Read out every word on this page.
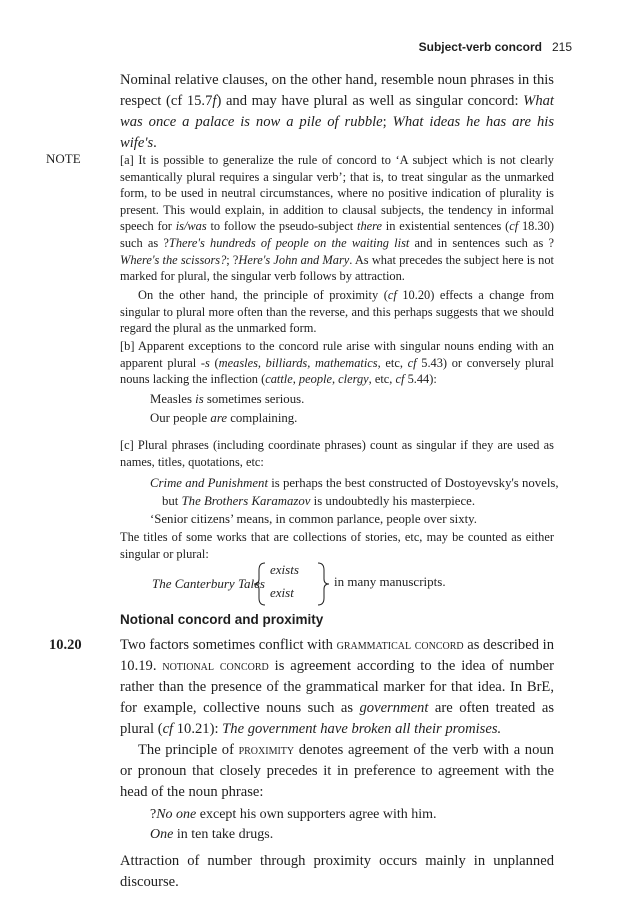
Subject-verb concord 215
Nominal relative clauses, on the other hand, resemble noun phrases in this respect (cf 15.7f) and may have plural as well as singular concord: What was once a palace is now a pile of rubble; What ideas he has are his wife's.
NOTE	[a] It is possible to generalize the rule of concord to ‘A subject which is not clearly semantically plural requires a singular verb’; that is, to treat singular as the unmarked form, to be used in neutral circumstances, where no positive indication of plurality is present. This would explain, in addition to clausal subjects, the tendency in informal speech for is/was to follow the pseudo-subject there in existential sentences (cf 18.30) such as ?There's hundreds of people on the waiting list and in sentences such as ?Where's the scissors?; ?Here's John and Mary. As what precedes the subject here is not marked for plural, the singular verb follows by attraction.
On the other hand, the principle of proximity (cf 10.20) effects a change from singular to plural more often than the reverse, and this perhaps suggests that we should regard the plural as the unmarked form.
[b] Apparent exceptions to the concord rule arise with singular nouns ending with an apparent plural -s (measles, billiards, mathematics, etc, cf 5.43) or conversely plural nouns lacking the inflection (cattle, people, clergy, etc, cf 5.44):
Measles is sometimes serious.
Our people are complaining.
[c] Plural phrases (including coordinate phrases) count as singular if they are used as names, titles, quotations, etc:
Crime and Punishment is perhaps the best constructed of Dostoyevsky's novels, but The Brothers Karamazov is undoubtedly his masterpiece.
‘Senior citizens’ means, in common parlance, people over sixty.
The titles of some works that are collections of stories, etc, may be counted as either singular or plural:
The Canterbury Tales
exists
exist
in many manuscripts.
Notional concord and proximity
10.20	Two factors sometimes conflict with grammatical concord as described in 10.19. notional concord is agreement according to the idea of number rather than the presence of the grammatical marker for that idea. In BrE, for example, collective nouns such as government are often treated as plural (cf 10.21): The government have broken all their promises.
The principle of proximity denotes agreement of the verb with a noun or pronoun that closely precedes it in preference to agreement with the head of the noun phrase:
?No one except his own supporters agree with him.
One in ten take drugs.
Attraction of number through proximity occurs mainly in unplanned discourse.
